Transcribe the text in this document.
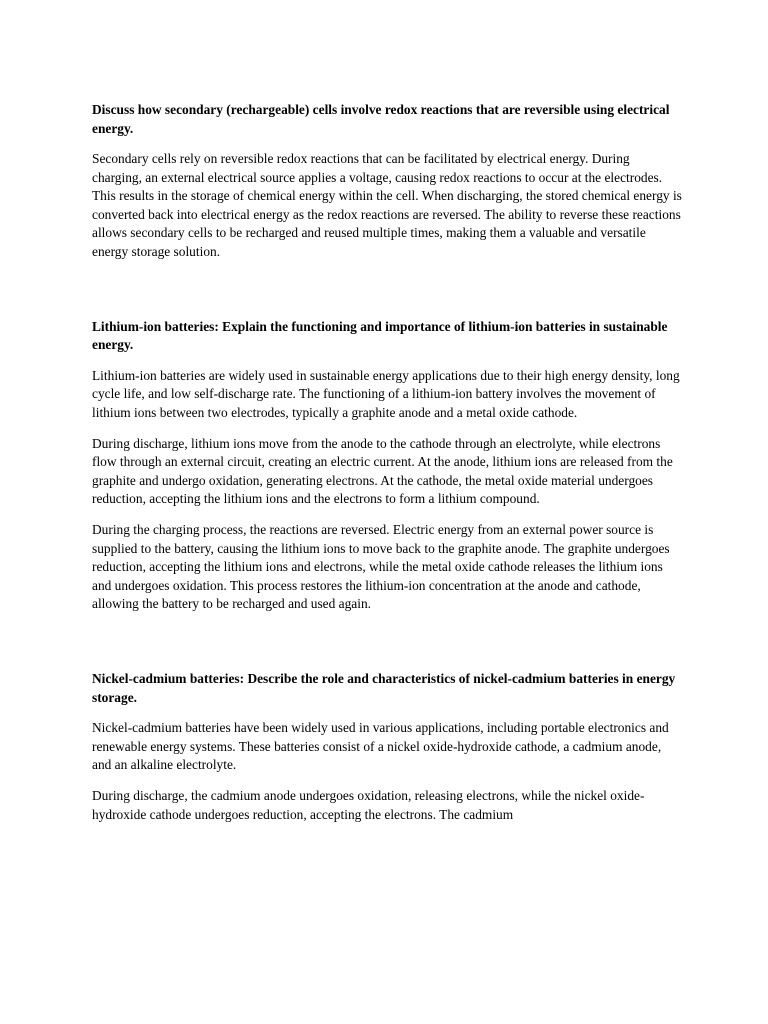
Discuss how secondary (rechargeable) cells involve redox reactions that are reversible using electrical energy.

Secondary cells rely on reversible redox reactions that can be facilitated by electrical energy. During charging, an external electrical source applies a voltage, causing redox reactions to occur at the electrodes. This results in the storage of chemical energy within the cell. When discharging, the stored chemical energy is converted back into electrical energy as the redox reactions are reversed. The ability to reverse these reactions allows secondary cells to be recharged and reused multiple times, making them a valuable and versatile energy storage solution.

Lithium-ion batteries: Explain the functioning and importance of lithium-ion batteries in sustainable energy.

Lithium-ion batteries are widely used in sustainable energy applications due to their high energy density, long cycle life, and low self-discharge rate. The functioning of a lithium-ion battery involves the movement of lithium ions between two electrodes, typically a graphite anode and a metal oxide cathode.

During discharge, lithium ions move from the anode to the cathode through an electrolyte, while electrons flow through an external circuit, creating an electric current. At the anode, lithium ions are released from the graphite and undergo oxidation, generating electrons. At the cathode, the metal oxide material undergoes reduction, accepting the lithium ions and the electrons to form a lithium compound.

During the charging process, the reactions are reversed. Electric energy from an external power source is supplied to the battery, causing the lithium ions to move back to the graphite anode. The graphite undergoes reduction, accepting the lithium ions and electrons, while the metal oxide cathode releases the lithium ions and undergoes oxidation. This process restores the lithium-ion concentration at the anode and cathode, allowing the battery to be recharged and used again.

Nickel-cadmium batteries: Describe the role and characteristics of nickel-cadmium batteries in energy storage.

Nickel-cadmium batteries have been widely used in various applications, including portable electronics and renewable energy systems. These batteries consist of a nickel oxide-hydroxide cathode, a cadmium anode, and an alkaline electrolyte.

During discharge, the cadmium anode undergoes oxidation, releasing electrons, while the nickel oxide-hydroxide cathode undergoes reduction, accepting the electrons. The cadmium
